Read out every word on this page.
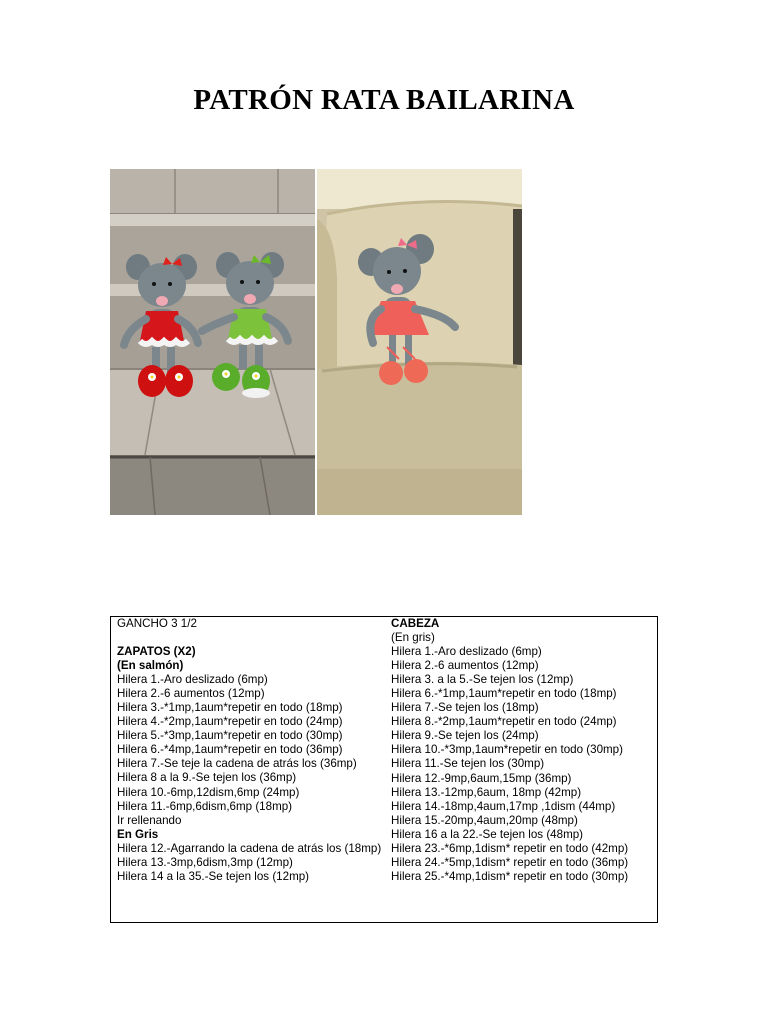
PATRÓN RATA BAILARINA
GANCHO 3 1/2
ZAPATOS (X2)
(En salmón)
Hilera 1.-Aro deslizado (6mp)
Hilera 2.-6 aumentos (12mp)
Hilera 3.-*1mp,1aum*repetir en todo (18mp)
Hilera 4.-*2mp,1aum*repetir en todo (24mp)
Hilera 5.-*3mp,1aum*repetir en todo (30mp)
Hilera 6.-*4mp,1aum*repetir en todo (36mp)
Hilera 7.-Se teje la cadena de atrás los (36mp)
Hilera 8 a la 9.-Se tejen los (36mp)
Hilera 10.-6mp,12dism,6mp (24mp)
Hilera 11.-6mp,6dism,6mp (18mp)
Ir rellenando
En Gris
Hilera 12.-Agarrando la cadena de atrás los (18mp)
Hilera 13.-3mp,6dism,3mp (12mp)
Hilera 14 a la 35.-Se tejen los (12mp)
CABEZA
(En gris)
Hilera 1.-Aro deslizado (6mp)
Hilera 2.-6 aumentos (12mp)
Hilera 3. a la 5.-Se tejen los (12mp)
Hilera 6.-*1mp,1aum*repetir en todo (18mp)
Hilera 7.-Se tejen los (18mp)
Hilera 8.-*2mp,1aum*repetir en todo (24mp)
Hilera 9.-Se tejen los (24mp)
Hilera 10.-*3mp,1aum*repetir en todo (30mp)
Hilera 11.-Se tejen los (30mp)
Hilera 12.-9mp,6aum,15mp (36mp)
Hilera 13.-12mp,6aum, 18mp (42mp)
Hilera 14.-18mp,4aum,17mp ,1dism (44mp)
Hilera 15.-20mp,4aum,20mp (48mp)
Hilera 16 a la 22.-Se tejen los (48mp)
Hilera 23.-*6mp,1dism* repetir en todo (42mp)
Hilera 24.-*5mp,1dism* repetir en todo (36mp)
Hilera 25.-*4mp,1dism* repetir en todo (30mp)
